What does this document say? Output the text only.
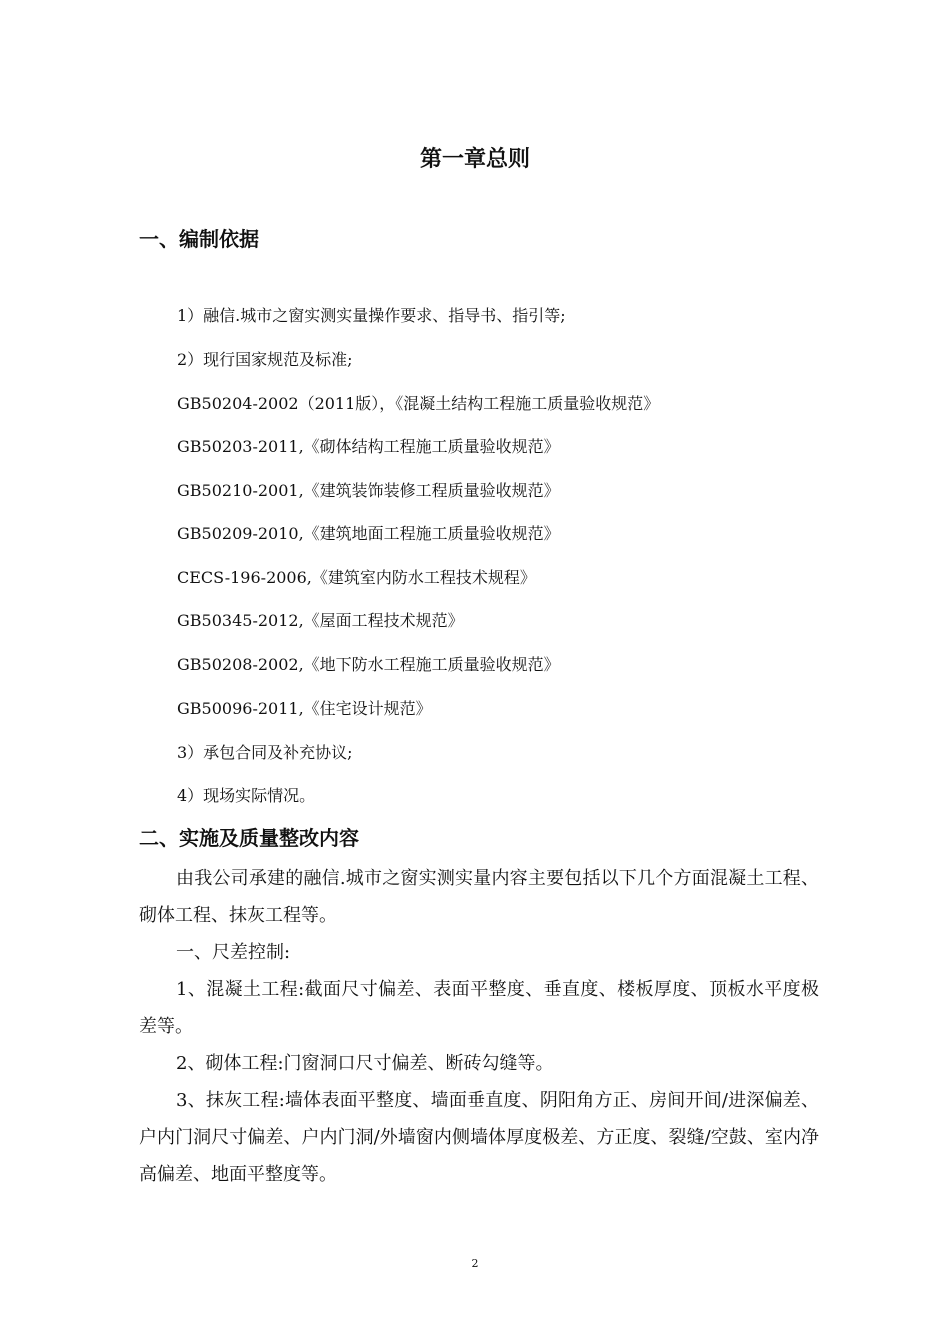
第一章总则
一、编制依据

1）融信.城市之窗实测实量操作要求、指导书、指引等;

2）现行国家规范及标准;

GB50204-2002（2011版），《混凝土结构工程施工质量验收规范》

GB50203-2011,《砌体结构工程施工质量验收规范》

GB50210-2001,《建筑装饰装修工程质量验收规范》

GB50209-2010,《建筑地面工程施工质量验收规范》

CECS-196-2006,《建筑室内防水工程技术规程》

GB50345-2012,《屋面工程技术规范》

GB50208-2002,《地下防水工程施工质量验收规范》

GB50096-2011,《住宅设计规范》

3）承包合同及补充协议;

4）现场实际情况。

二、实施及质量整改内容

由我公司承建的融信.城市之窗实测实量内容主要包括以下几个方面混凝土工程、砌体工程、抹灰工程等。

一、尺差控制:

1、混凝土工程:截面尺寸偏差、表面平整度、垂直度、楼板厚度、顶板水平度极差等。

2、砌体工程:门窗洞口尺寸偏差、断砖勾缝等。

3、抹灰工程:墙体表面平整度、墙面垂直度、阴阳角方正、房间开间/进深偏差、户内门洞尺寸偏差、户内门洞/外墙窗内侧墙体厚度极差、方正度、裂缝/空鼓、室内净高偏差、地面平整度等。

2
